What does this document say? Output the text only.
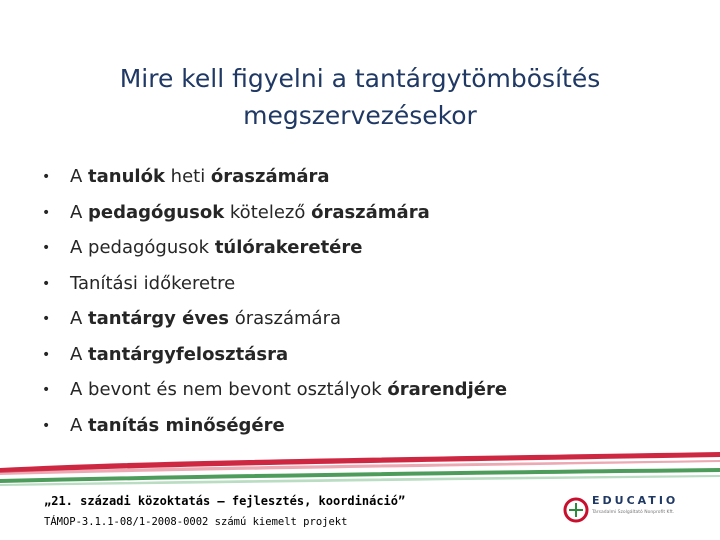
Mire kell figyelni a tantárgytömbösítés
megszervezésekor
• A tanulók heti óraszámára
• A pedagógusok kötelező óraszámára
• A pedagógusok túlórakeretére
• Tanítási időkeretre
• A tantárgy éves óraszámára
• A tantárgyfelosztásra
• A bevont és nem bevont osztályok órarendjére
• A tanítás minőségére
„21. századi közoktatás – fejlesztés, koordináció”
TÁMOP-3.1.1-08/1-2008-0002 számú kiemelt projekt
EDUCATIO
Társadalmi Szolgáltató Nonprofit Kft.
